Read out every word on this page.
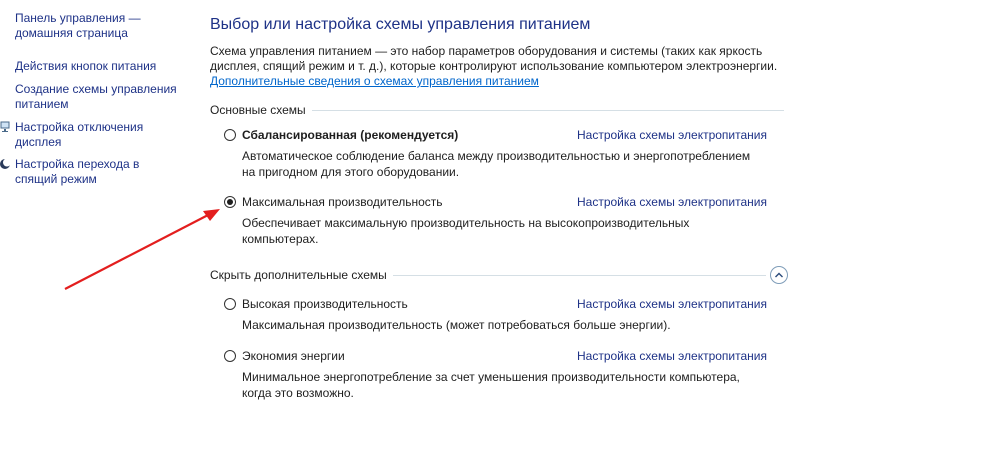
Панель управления — домашняя страница
Действия кнопок питания
Создание схемы управления питанием
Настройка отключения дисплея
Настройка перехода в спящий режим
Выбор или настройка схемы управления питанием
Схема управления питанием — это набор параметров оборудования и системы (таких как яркость дисплея, спящий режим и т. д.), которые контролируют использование компьютером электроэнергии.
Дополнительные сведения о схемах управления питанием
Основные схемы
Сбалансированная (рекомендуется)	Настройка схемы электропитания
Автоматическое соблюдение баланса между производительностью и энергопотреблением на пригодном для этого оборудовании.
Максимальная производительность	Настройка схемы электропитания
Обеспечивает максимальную производительность на высокопроизводительных компьютерах.
Скрыть дополнительные схемы
Высокая производительность	Настройка схемы электропитания
Максимальная производительность (может потребоваться больше энергии).
Экономия энергии	Настройка схемы электропитания
Минимальное энергопотребление за счет уменьшения производительности компьютера, когда это возможно.
